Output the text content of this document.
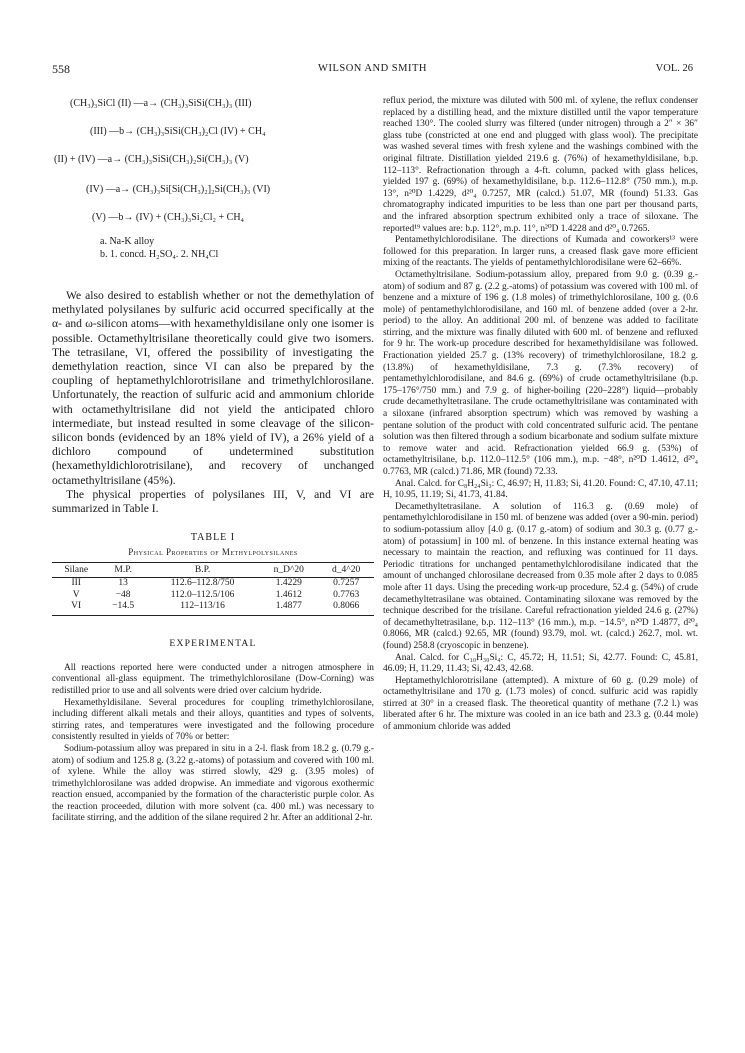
558	WILSON AND SMITH	VOL. 26
(CH₃)₃SiCl (II) —a→ (CH₃)₃SiSi(CH₃)₃ (III)
(III) —b→ (CH₃)₃SiSi(CH₃)₂Cl (IV) + CH₄
(II) + (IV) —a→ (CH₃)₃SiSi(CH₃)₂Si(CH₃)₃ (V)
(IV) —a→ (CH₃)₃Si[Si(CH₃)₂]₂Si(CH₃)₃ (VI)
(V) —b→ (IV) + (CH₃)₃Si₂Cl₂ + CH₄
a. Na-K alloy
b. 1. concd. H₂SO₄. 2. NH₄Cl

We also desired to establish whether or not the demethylation of methylated polysilanes by sulfuric acid occurred specifically at the α- and ω-silicon atoms—with hexamethyldisilane only one isomer is possible. Octamethyltrisilane theoretically could give two isomers. The tetrasilane, VI, offered the possibility of investigating the demethylation reaction, since VI can also be prepared by the coupling of heptamethylchlorotrisilane and trimethylchlorosilane. Unfortunately, the reaction of sulfuric acid and ammonium chloride with octamethyltrisilane did not yield the anticipated chloro intermediate, but instead resulted in some cleavage of the silicon-silicon bonds (evidenced by an 18% yield of IV), a 26% yield of a dichloro compound of undetermined substitution (hexamethyldichlorotrisilane), and recovery of unchanged octamethyltrisilane (45%).

The physical properties of polysilanes III, V, and VI are summarized in Table I.

TABLE I
Physical Properties of Methylpolysilanes
Silane	M.P.	B.P.	n_D^20	d_4^20
III	13	112.6–112.8/750	1.4229	0.7257
V	−48	112.0–112.5/106	1.4612	0.7763
VI	−14.5	112–113/16	1.4877	0.8066
EXPERIMENTAL

All reactions reported here were conducted under a nitrogen atmosphere in conventional all-glass equipment. The trimethylchlorosilane (Dow-Corning) was redistilled prior to use and all solvents were dried over calcium hydride.

Hexamethyldisilane. Several procedures for coupling trimethylchlorosilane, including different alkali metals and their alloys, quantities and types of solvents, stirring rates, and temperatures were investigated and the following procedure consistently resulted in yields of 70% or better:

Sodium-potassium alloy was prepared in situ in a 2-l. flask from 18.2 g. (0.79 g.-atom) of sodium and 125.8 g. (3.22 g.-atoms) of potassium and covered with 100 ml. of xylene. While the alloy was stirred slowly, 429 g. (3.95 moles) of trimethylchlorosilane was added dropwise. An immediate and vigorous exothermic reaction ensued, accompanied by the formation of the characteristic purple color. As the reaction proceeded, dilution with more solvent (ca. 400 ml.) was necessary to facilitate stirring, and the addition of the silane required 2 hr. After an additional 2-hr.

reflux period, the mixture was diluted with 500 ml. of xylene, the reflux condenser replaced by a distilling head, and the mixture distilled until the vapor temperature reached 130°. The cooled slurry was filtered (under nitrogen) through a 2″ × 36″ glass tube (constricted at one end and plugged with glass wool). The precipitate was washed several times with fresh xylene and the washings combined with the original filtrate. Distillation yielded 219.6 g. (76%) of hexamethyldisilane, b.p. 112–113°. Refractionation through a 4-ft. column, packed with glass helices, yielded 197 g. (69%) of hexamethyldisilane, b.p. 112.6–112.8° (750 mm.), m.p. 13°, n²⁰D 1.4229, d²⁰₄ 0.7257, MR (calcd.) 51.07, MR (found) 51.33. Gas chromatography indicated impurities to be less than one part per thousand parts, and the infrared absorption spectrum exhibited only a trace of siloxane. The reported¹⁹ values are: b.p. 112°, m.p. 11°, n²⁰D 1.4228 and d²⁰₄ 0.7265.

Pentamethylchlorodisilane. The directions of Kumada and coworkers¹³ were followed for this preparation. In larger runs, a creased flask gave more efficient mixing of the reactants. The yields of pentamethylchlorodisilane were 62–66%.

Octamethyltrisilane. Sodium-potassium alloy, prepared from 9.0 g. (0.39 g.-atom) of sodium and 87 g. (2.2 g.-atoms) of potassium was covered with 100 ml. of benzene and a mixture of 196 g. (1.8 moles) of trimethylchlorosilane, 100 g. (0.6 mole) of pentamethylchlorodisilane, and 160 ml. of benzene added (over a 2-hr. period) to the alloy. An additional 200 ml. of benzene was added to facilitate stirring, and the mixture was finally diluted with 600 ml. of benzene and refluxed for 9 hr. The work-up procedure described for hexamethyldisilane was followed. Fractionation yielded 25.7 g. (13% recovery) of trimethylchlorosilane, 18.2 g. (13.8%) of hexamethyldisilane, 7.3 g. (7.3% recovery) of pentamethylchlorodisilane, and 84.6 g. (69%) of crude octamethyltrisilane (b.p. 175–176°/750 mm.) and 7.9 g. of higher-boiling (220–228°) liquid—probably crude decamethyltetrasilane. The crude octamethyltrisilane was contaminated with a siloxane (infrared absorption spectrum) which was removed by washing a pentane solution of the product with cold concentrated sulfuric acid. The pentane solution was then filtered through a sodium bicarbonate and sodium sulfate mixture to remove water and acid. Refractionation yielded 66.9 g. (53%) of octamethyltrisilane, b.p. 112.0–112.5° (106 mm.), m.p. −48°, n²⁰D 1.4612, d²⁰₄ 0.7763, MR (calcd.) 71.86, MR (found) 72.33.

Anal. Calcd. for C₈H₂₄Si₃: C, 46.97; H, 11.83; Si, 41.20. Found: C, 47.10, 47.11; H, 10.95, 11.19; Si, 41.73, 41.84.

Decamethyltetrasilane. A solution of 116.3 g. (0.69 mole) of pentamethylchlorodisilane in 150 ml. of benzene was added (over a 90-min. period) to sodium-potassium alloy [4.0 g. (0.17 g.-atom) of sodium and 30.3 g. (0.77 g.-atom) of potassium] in 100 ml. of benzene. In this instance external heating was necessary to maintain the reaction, and refluxing was continued for 11 days. Periodic titrations for unchanged pentamethylchlorodisilane indicated that the amount of unchanged chlorosilane decreased from 0.35 mole after 2 days to 0.085 mole after 11 days. Using the preceding work-up procedure, 52.4 g. (54%) of crude decamethyltetrasilane was obtained. Contaminating siloxane was removed by the technique described for the trisilane. Careful refractionation yielded 24.6 g. (27%) of decamethyltetrasilane, b.p. 112–113° (16 mm.), m.p. −14.5°, n²⁰D 1.4877, d²⁰₄ 0.8066, MR (calcd.) 92.65, MR (found) 93.79, mol. wt. (calcd.) 262.7, mol. wt. (found) 258.8 (cryoscopic in benzene).

Anal. Calcd. for C₁₀H₃₀Si₄: C, 45.72; H, 11.51; Si, 42.77. Found: C, 45.81, 46.09; H, 11.29, 11.43; Si, 42.43, 42.68.

Heptamethylchlorotrisilane (attempted). A mixture of 60 g. (0.29 mole) of octamethyltrisilane and 170 g. (1.73 moles) of concd. sulfuric acid was rapidly stirred at 30° in a creased flask. The theoretical quantity of methane (7.2 l.) was liberated after 6 hr. The mixture was cooled in an ice bath and 23.3 g. (0.44 mole) of ammonium chloride was added
